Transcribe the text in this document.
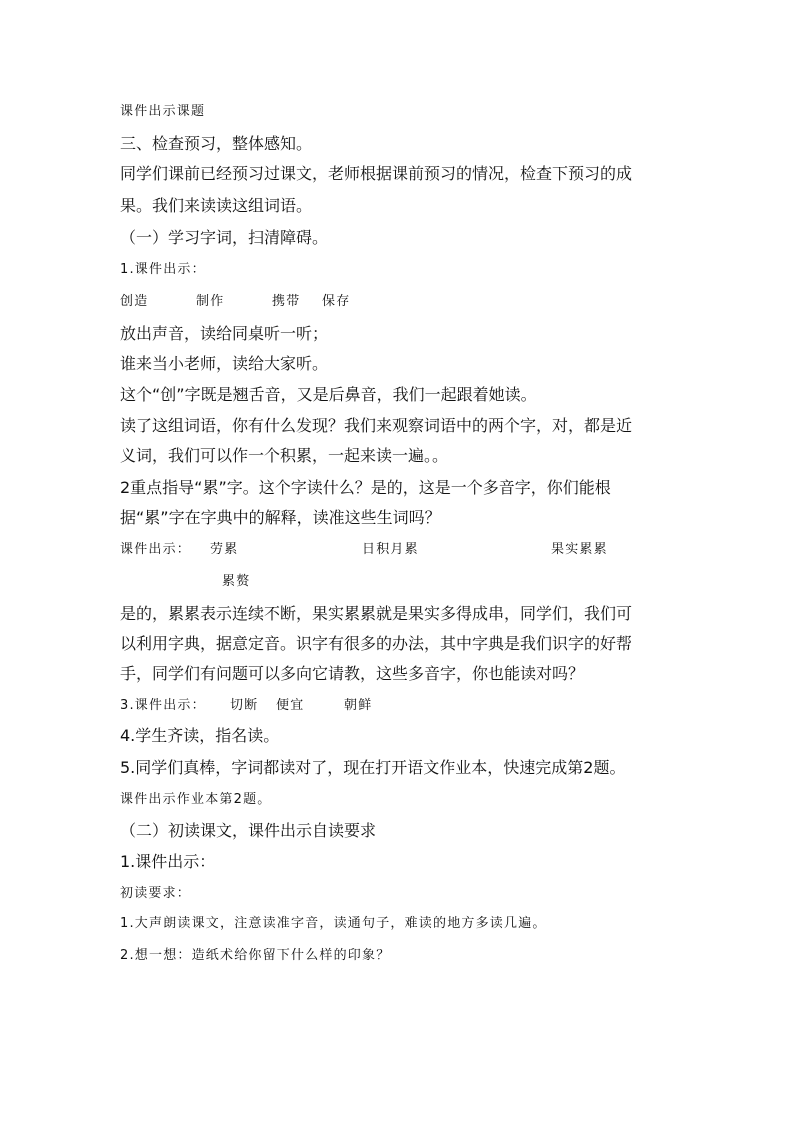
课件出示课题
三、检查预习，整体感知。
同学们课前已经预习过课文，老师根据课前预习的情况，检查下预习的成
果。我们来读读这组词语。
（一）学习字词，扫清障碍。
1.课件出示：
创造	制作	携带	保存
放出声音，读给同桌听一听；
谁来当小老师，读给大家听。
这个“创”字既是翘舌音，又是后鼻音，我们一起跟着她读。
读了这组词语，你有什么发现？我们来观察词语中的两个字，对，都是近
义词，我们可以作一个积累，一起来读一遍。。
2重点指导“累”字。这个字读什么？是的，这是一个多音字，你们能根
据“累”字在字典中的解释，读准这些生词吗？
课件出示：	劳累	日积月累	果实累累
累赘
是的，累累表示连续不断，果实累累就是果实多得成串，同学们，我们可
以利用字典，据意定音。识字有很多的办法，其中字典是我们识字的好帮
手，同学们有问题可以多向它请教，这些多音字，你也能读对吗？
3.课件出示：	切断	便宜	朝鲜
4.学生齐读，指名读。
5.同学们真棒，字词都读对了，现在打开语文作业本，快速完成第2题。
课件出示作业本第2题。
（二）初读课文，课件出示自读要求
1.课件出示：
初读要求：
1.大声朗读课文，注意读准字音，读通句子，难读的地方多读几遍。
2.想一想：造纸术给你留下什么样的印象？
